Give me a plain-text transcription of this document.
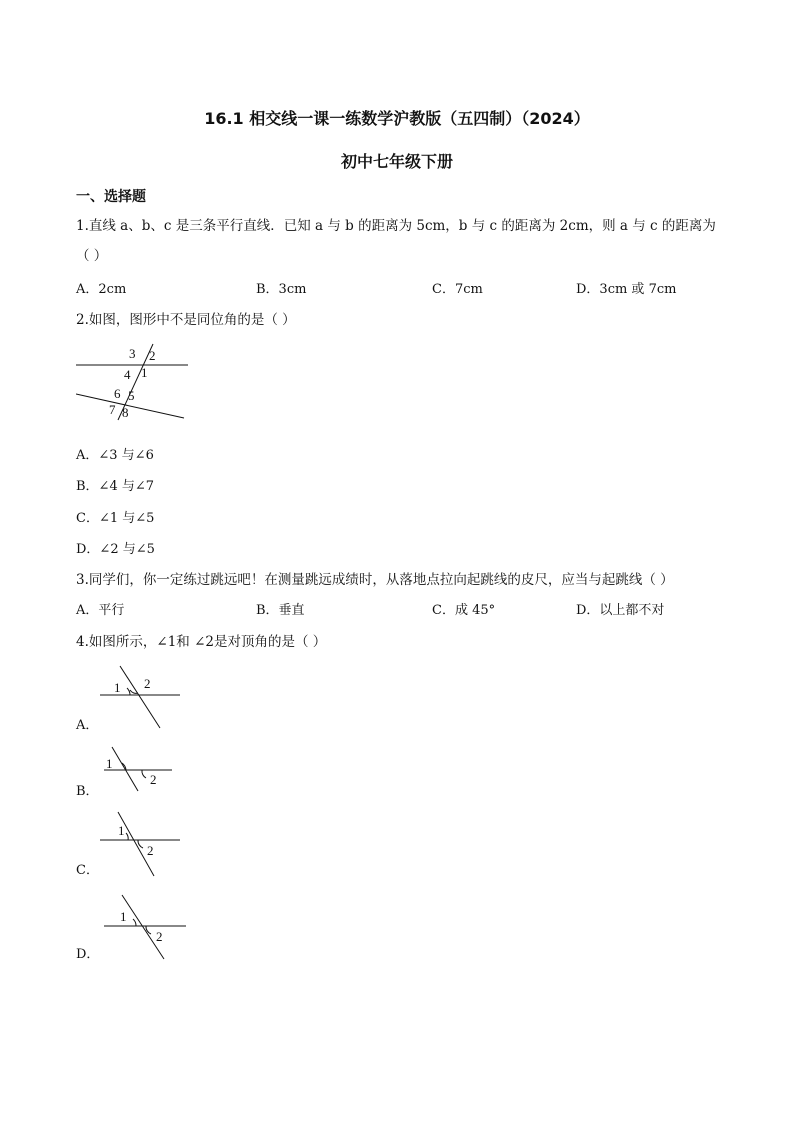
16.1 相交线一课一练数学沪教版（五四制）（2024）
初中七年级下册
一、选择题
1.直线 a、b、c 是三条平行直线．已知 a 与 b 的距离为 5cm，b 与 c 的距离为 2cm，则 a 与 c 的距离为
（ ）
A．2cm	B．3cm	C．7cm	D．3cm 或 7cm
2.如图，图形中不是同位角的是（ ）
3 2
4 1
6 5
7 8
A．∠3 与∠6
B．∠4 与∠7
C．∠1 与∠5
D．∠2 与∠5
3.同学们，你一定练过跳远吧！在测量跳远成绩时，从落地点拉向起跳线的皮尺，应当与起跳线（ ）
A．平行	B．垂直	C．成 45°	D．以上都不对
4.如图所示，∠1和 ∠2是对顶角的是（ ）
1 2
A．
1
2
B．
1
2
C．
1
2
D．
